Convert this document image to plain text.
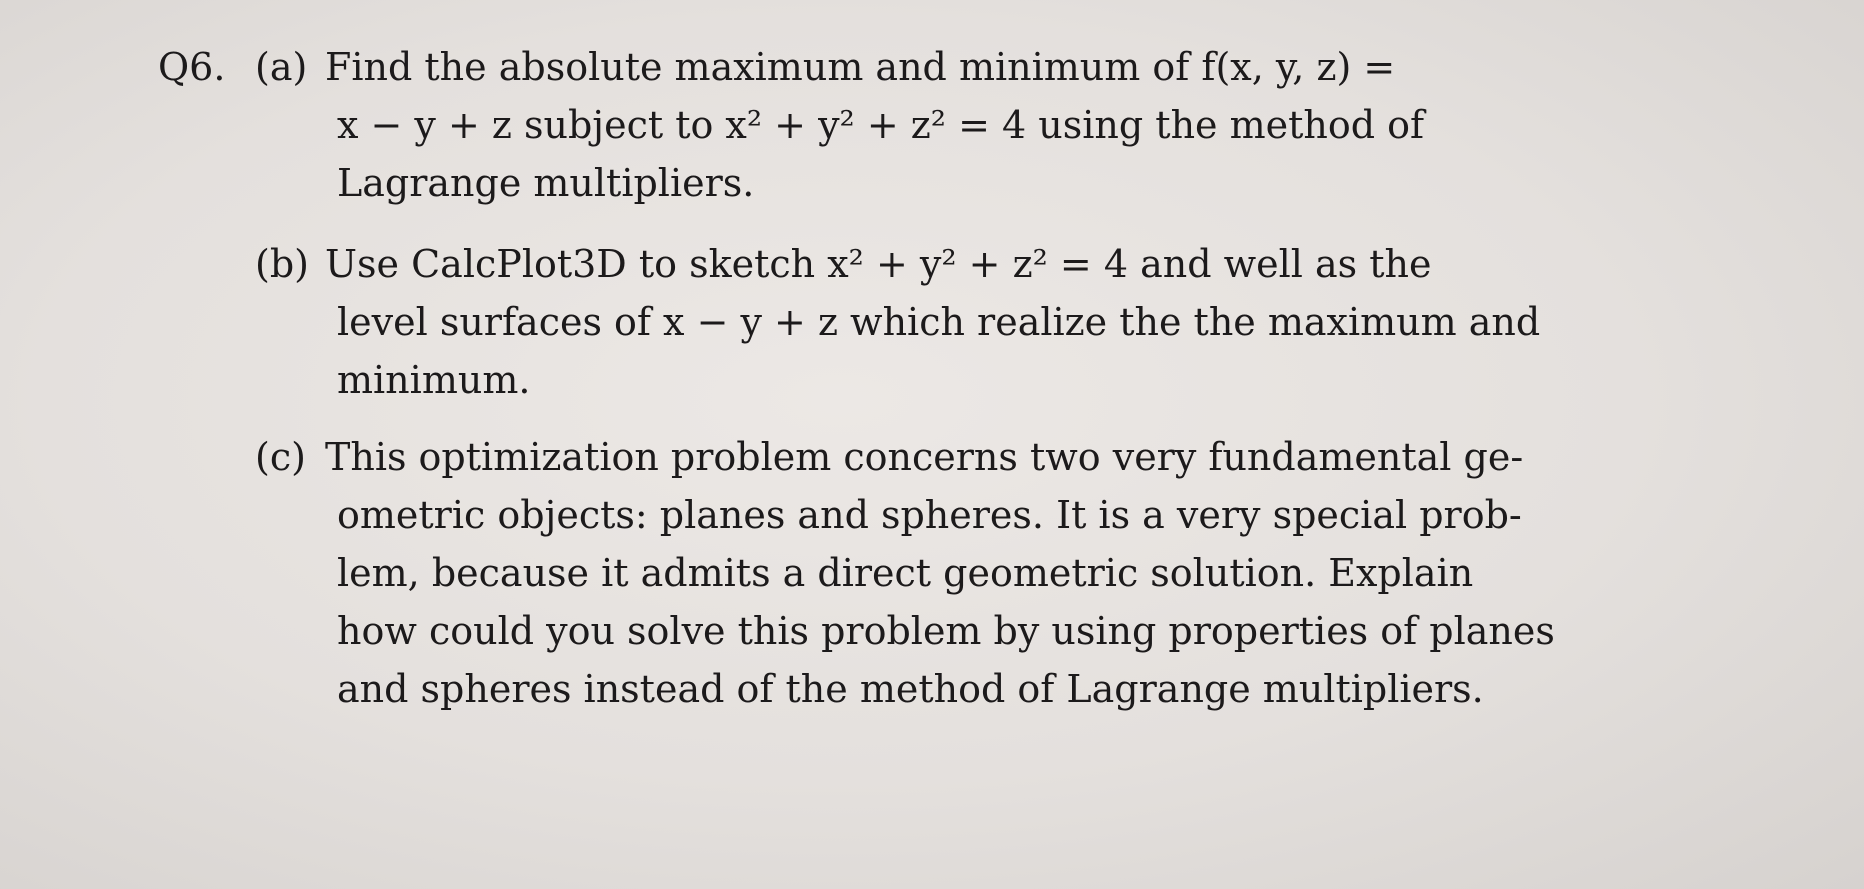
Q6. (a) Find the absolute maximum and minimum of f(x, y, z) =
x − y + z subject to x² + y² + z² = 4 using the method of
Lagrange multipliers.
(b) Use CalcPlot3D to sketch x² + y² + z² = 4 and well as the
level surfaces of x − y + z which realize the the maximum and
minimum.
(c) This optimization problem concerns two very fundamental ge-
ometric objects: planes and spheres. It is a very special prob-
lem, because it admits a direct geometric solution. Explain
how could you solve this problem by using properties of planes
and spheres instead of the method of Lagrange multipliers.
